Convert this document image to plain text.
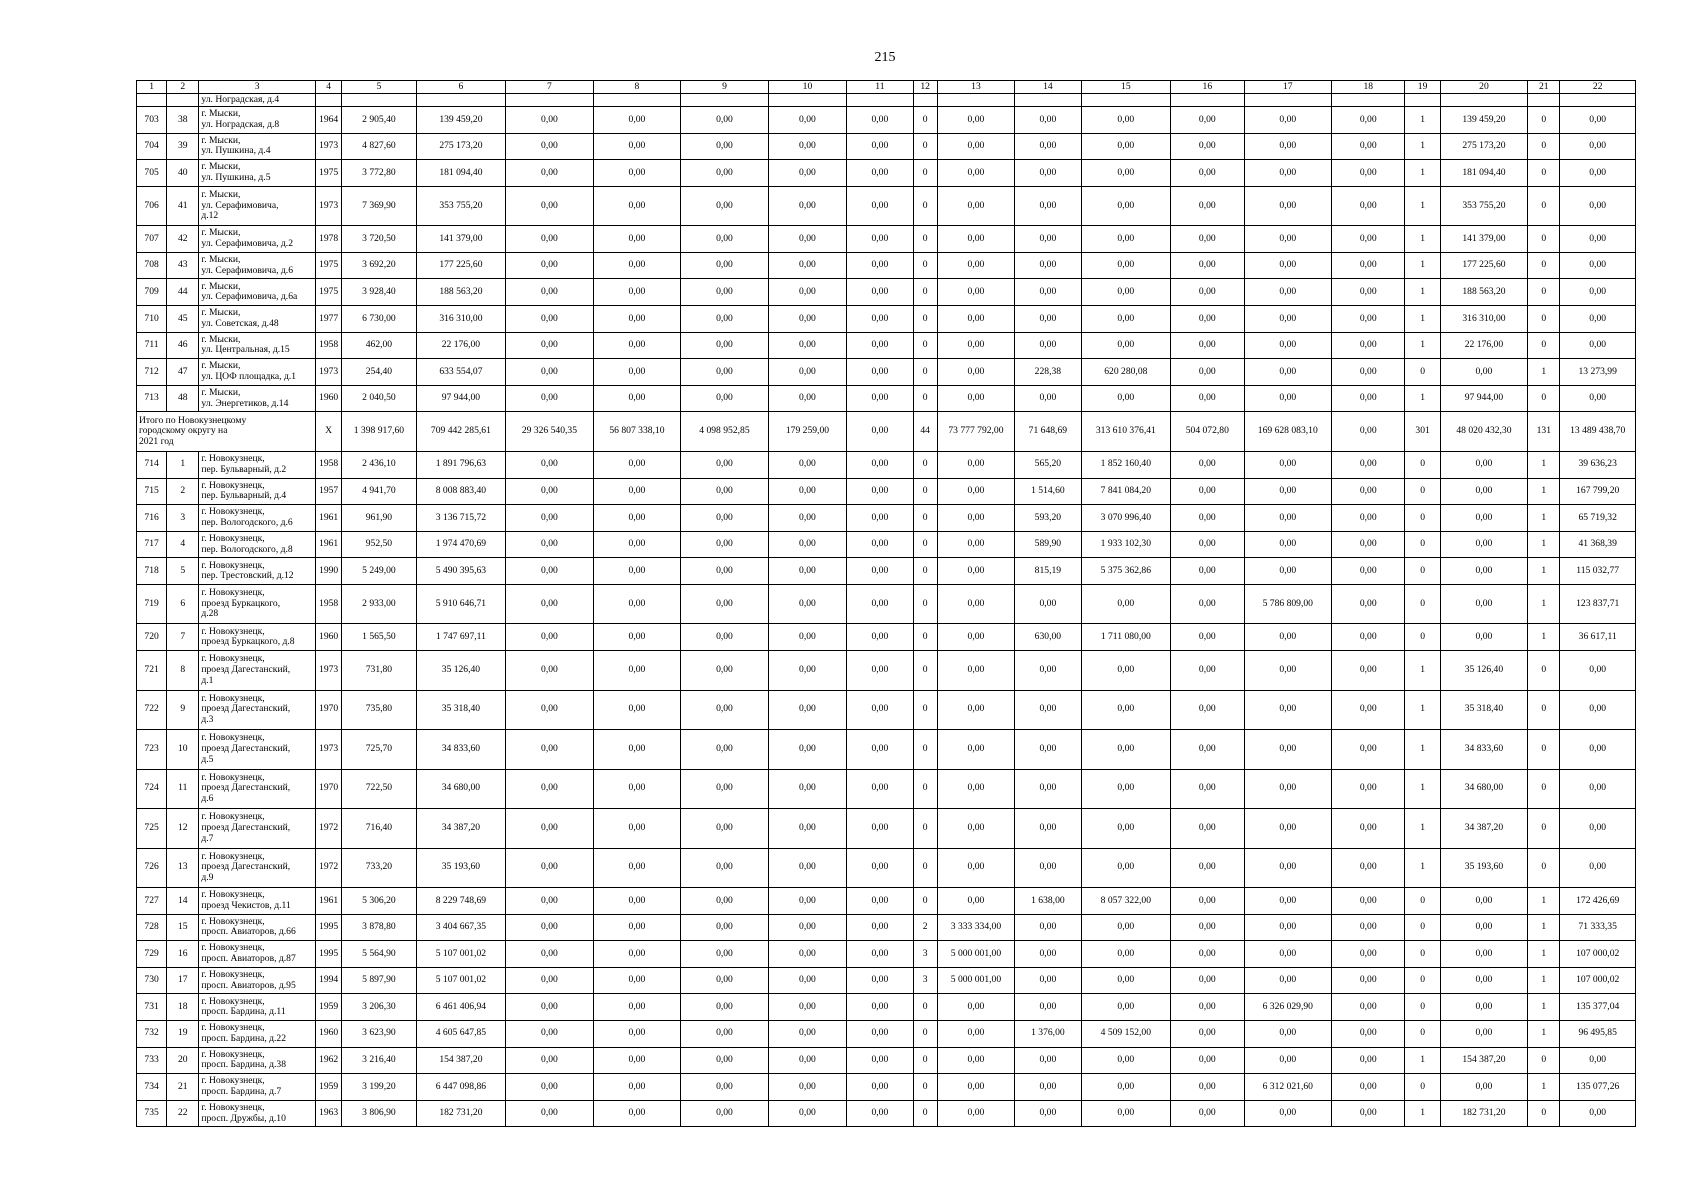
215
1	2	3	4	5	6	7	8	9	10	11	12	13	14	15	16	17	18	19	20	21	22

		ул. Ноградская, д.4																			

703	38	г. Мыски,
ул. Ноградская, д.8	1964	2 905,40	139 459,20	0,00	0,00	0,00	0,00	0,00	0	0,00	0,00	0,00	0,00	0,00	0,00	1	139 459,20	0	0,00
704	39	г. Мыски,
ул. Пушкина, д.4	1973	4 827,60	275 173,20	0,00	0,00	0,00	0,00	0,00	0	0,00	0,00	0,00	0,00	0,00	0,00	1	275 173,20	0	0,00
705	40	г. Мыски,
ул. Пушкина, д.5	1975	3 772,80	181 094,40	0,00	0,00	0,00	0,00	0,00	0	0,00	0,00	0,00	0,00	0,00	0,00	1	181 094,40	0	0,00
706	41	г. Мыски,
ул. Серафимовича,
д.12	1973	7 369,90	353 755,20	0,00	0,00	0,00	0,00	0,00	0	0,00	0,00	0,00	0,00	0,00	0,00	1	353 755,20	0	0,00
707	42	г. Мыски,
ул. Серафимовича, д.2	1978	3 720,50	141 379,00	0,00	0,00	0,00	0,00	0,00	0	0,00	0,00	0,00	0,00	0,00	0,00	1	141 379,00	0	0,00
708	43	г. Мыски,
ул. Серафимовича, д.6	1975	3 692,20	177 225,60	0,00	0,00	0,00	0,00	0,00	0	0,00	0,00	0,00	0,00	0,00	0,00	1	177 225,60	0	0,00
709	44	г. Мыски,
ул. Серафимовича, д.6а	1975	3 928,40	188 563,20	0,00	0,00	0,00	0,00	0,00	0	0,00	0,00	0,00	0,00	0,00	0,00	1	188 563,20	0	0,00
710	45	г. Мыски,
ул. Советская, д.48	1977	6 730,00	316 310,00	0,00	0,00	0,00	0,00	0,00	0	0,00	0,00	0,00	0,00	0,00	0,00	1	316 310,00	0	0,00
711	46	г. Мыски,
ул. Центральная, д.15	1958	462,00	22 176,00	0,00	0,00	0,00	0,00	0,00	0	0,00	0,00	0,00	0,00	0,00	0,00	1	22 176,00	0	0,00
712	47	г. Мыски,
ул. ЦОФ площадка, д.1	1973	254,40	633 554,07	0,00	0,00	0,00	0,00	0,00	0	0,00	228,38	620 280,08	0,00	0,00	0,00	0	0,00	1	13 273,99
713	48	г. Мыски,
ул. Энергетиков, д.14	1960	2 040,50	97 944,00	0,00	0,00	0,00	0,00	0,00	0	0,00	0,00	0,00	0,00	0,00	0,00	1	97 944,00	0	0,00

Итого по Новокузнецкому
городскому округу на
2021 год			X	1 398 917,60	709 442 285,61	29 326 540,35	56 807 338,10	4 098 952,85	179 259,00	0,00	44	73 777 792,00	71 648,69	313 610 376,41	504 072,80	169 628 083,10	0,00	301	48 020 432,30	131	13 489 438,70
714	1	г. Новокузнецк,
пер. Бульварный, д.2	1958	2 436,10	1 891 796,63	0,00	0,00	0,00	0,00	0,00	0	0,00	565,20	1 852 160,40	0,00	0,00	0,00	0	0,00	1	39 636,23
715	2	г. Новокузнецк,
пер. Бульварный, д.4	1957	4 941,70	8 008 883,40	0,00	0,00	0,00	0,00	0,00	0	0,00	1 514,60	7 841 084,20	0,00	0,00	0,00	0	0,00	1	167 799,20
716	3	г. Новокузнецк,
пер. Вологодского, д.6	1961	961,90	3 136 715,72	0,00	0,00	0,00	0,00	0,00	0	0,00	593,20	3 070 996,40	0,00	0,00	0,00	0	0,00	1	65 719,32
717	4	г. Новокузнецк,
пер. Вологодского, д.8	1961	952,50	1 974 470,69	0,00	0,00	0,00	0,00	0,00	0	0,00	589,90	1 933 102,30	0,00	0,00	0,00	0	0,00	1	41 368,39
718	5	г. Новокузнецк,
пер. Трестовский, д.12	1990	5 249,00	5 490 395,63	0,00	0,00	0,00	0,00	0,00	0	0,00	815,19	5 375 362,86	0,00	0,00	0,00	0	0,00	1	115 032,77
719	6	г. Новокузнецк,
проезд Буркацкого,
д.28	1958	2 933,00	5 910 646,71	0,00	0,00	0,00	0,00	0,00	0	0,00	0,00	0,00	0,00	5 786 809,00	0,00	0	0,00	1	123 837,71
720	7	г. Новокузнецк,
проезд Буркацкого, д.8	1960	1 565,50	1 747 697,11	0,00	0,00	0,00	0,00	0,00	0	0,00	630,00	1 711 080,00	0,00	0,00	0,00	0	0,00	1	36 617,11
721	8	г. Новокузнецк,
проезд Дагестанский,
д.1	1973	731,80	35 126,40	0,00	0,00	0,00	0,00	0,00	0	0,00	0,00	0,00	0,00	0,00	0,00	1	35 126,40	0	0,00
722	9	г. Новокузнецк,
проезд Дагестанский,
д.3	1970	735,80	35 318,40	0,00	0,00	0,00	0,00	0,00	0	0,00	0,00	0,00	0,00	0,00	0,00	1	35 318,40	0	0,00
723	10	г. Новокузнецк,
проезд Дагестанский,
д.5	1973	725,70	34 833,60	0,00	0,00	0,00	0,00	0,00	0	0,00	0,00	0,00	0,00	0,00	0,00	1	34 833,60	0	0,00
724	11	г. Новокузнецк,
проезд Дагестанский,
д.6	1970	722,50	34 680,00	0,00	0,00	0,00	0,00	0,00	0	0,00	0,00	0,00	0,00	0,00	0,00	1	34 680,00	0	0,00
725	12	г. Новокузнецк,
проезд Дагестанский,
д.7	1972	716,40	34 387,20	0,00	0,00	0,00	0,00	0,00	0	0,00	0,00	0,00	0,00	0,00	0,00	1	34 387,20	0	0,00
726	13	г. Новокузнецк,
проезд Дагестанский,
д.9	1972	733,20	35 193,60	0,00	0,00	0,00	0,00	0,00	0	0,00	0,00	0,00	0,00	0,00	0,00	1	35 193,60	0	0,00
727	14	г. Новокузнецк,
проезд Чекистов, д.11	1961	5 306,20	8 229 748,69	0,00	0,00	0,00	0,00	0,00	0	0,00	1 638,00	8 057 322,00	0,00	0,00	0,00	0	0,00	1	172 426,69
728	15	г. Новокузнецк,
просп. Авиаторов, д.66	1995	3 878,80	3 404 667,35	0,00	0,00	0,00	0,00	0,00	2	3 333 334,00	0,00	0,00	0,00	0,00	0,00	0	0,00	1	71 333,35
729	16	г. Новокузнецк,
просп. Авиаторов, д.87	1995	5 564,90	5 107 001,02	0,00	0,00	0,00	0,00	0,00	3	5 000 001,00	0,00	0,00	0,00	0,00	0,00	0	0,00	1	107 000,02
730	17	г. Новокузнецк,
просп. Авиаторов, д.95	1994	5 897,90	5 107 001,02	0,00	0,00	0,00	0,00	0,00	3	5 000 001,00	0,00	0,00	0,00	0,00	0,00	0	0,00	1	107 000,02
731	18	г. Новокузнецк,
просп. Бардина, д.11	1959	3 206,30	6 461 406,94	0,00	0,00	0,00	0,00	0,00	0	0,00	0,00	0,00	0,00	6 326 029,90	0,00	0	0,00	1	135 377,04
732	19	г. Новокузнецк,
просп. Бардина, д.22	1960	3 623,90	4 605 647,85	0,00	0,00	0,00	0,00	0,00	0	0,00	1 376,00	4 509 152,00	0,00	0,00	0,00	0	0,00	1	96 495,85
733	20	г. Новокузнецк,
просп. Бардина, д.38	1962	3 216,40	154 387,20	0,00	0,00	0,00	0,00	0,00	0	0,00	0,00	0,00	0,00	0,00	0,00	1	154 387,20	0	0,00
734	21	г. Новокузнецк,
просп. Бардина, д.7	1959	3 199,20	6 447 098,86	0,00	0,00	0,00	0,00	0,00	0	0,00	0,00	0,00	0,00	6 312 021,60	0,00	0	0,00	1	135 077,26
735	22	г. Новокузнецк,
просп. Дружбы, д.10	1963	3 806,90	182 731,20	0,00	0,00	0,00	0,00	0,00	0	0,00	0,00	0,00	0,00	0,00	0,00	1	182 731,20	0	0,00
